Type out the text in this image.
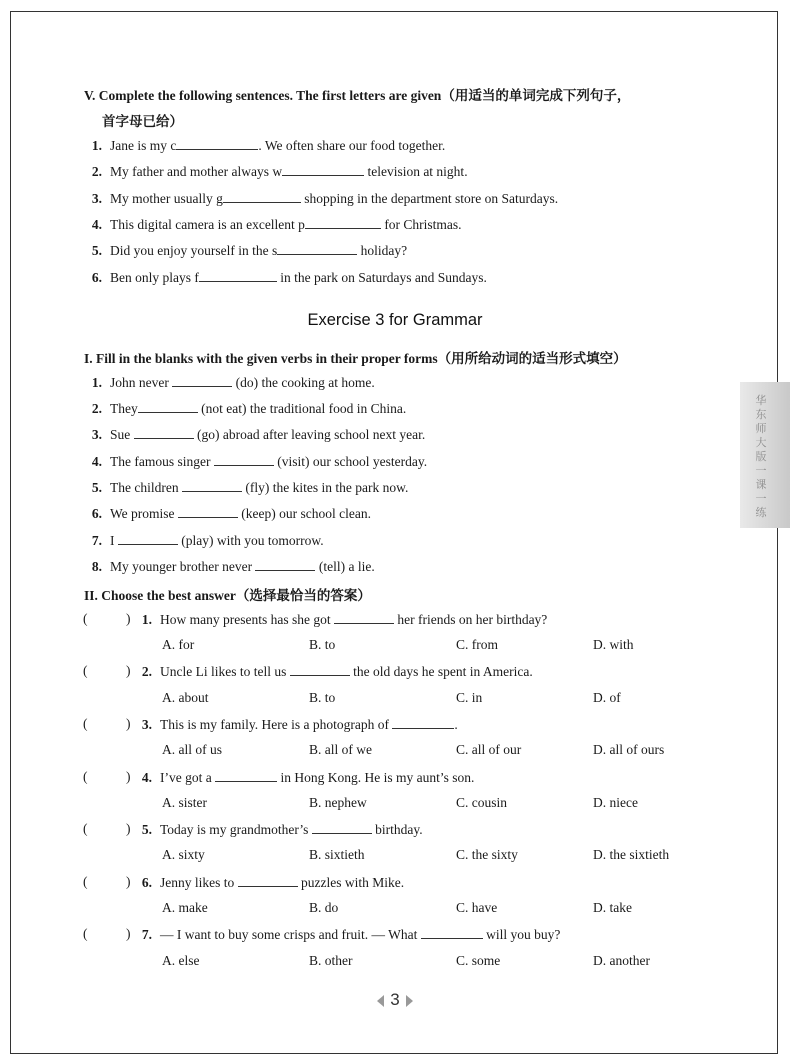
华东师大版一课一练
V. Complete the following sentences. The first letters are given（用适当的单词完成下列句子，
首字母已给）
1. Jane is my c	. We often share our food together.
2. My father and mother always w	television at night.
3. My mother usually g	shopping in the department store on Saturdays.
4. This digital camera is an excellent p	for Christmas.
5. Did you enjoy yourself in the s	holiday?
6. Ben only plays f	in the park on Saturdays and Sundays.
Exercise 3 for Grammar
I. Fill in the blanks with the given verbs in their proper forms（用所给动词的适当形式填空）
1. John never	(do) the cooking at home.
2. They	(not eat) the traditional food in China.
3. Sue	(go) abroad after leaving school next year.
4. The famous singer	(visit) our school yesterday.
5. The children	(fly) the kites in the park now.
6. We promise	(keep) our school clean.
7. I	(play) with you tomorrow.
8. My younger brother never	(tell) a lie.
II. Choose the best answer（选择最恰当的答案）
(	) 1. How many presents has she got	her friends on her birthday?
A. for	B. to	C. from	D. with
(	) 2. Uncle Li likes to tell us	the old days he spent in America.
A. about	B. to	C. in	D. of
(	) 3. This is my family. Here is a photograph of	.
A. all of us	B. all of we	C. all of our	D. all of ours
(	) 4. I’ve got a	in Hong Kong. He is my aunt’s son.
A. sister	B. nephew	C. cousin	D. niece
(	) 5. Today is my grandmother’s	birthday.
A. sixty	B. sixtieth	C. the sixty	D. the sixtieth
(	) 6. Jenny likes to	puzzles with Mike.
A. make	B. do	C. have	D. take
(	) 7. — I want to buy some crisps and fruit. — What	will you buy?
A. else	B. other	C. some	D. another
3
